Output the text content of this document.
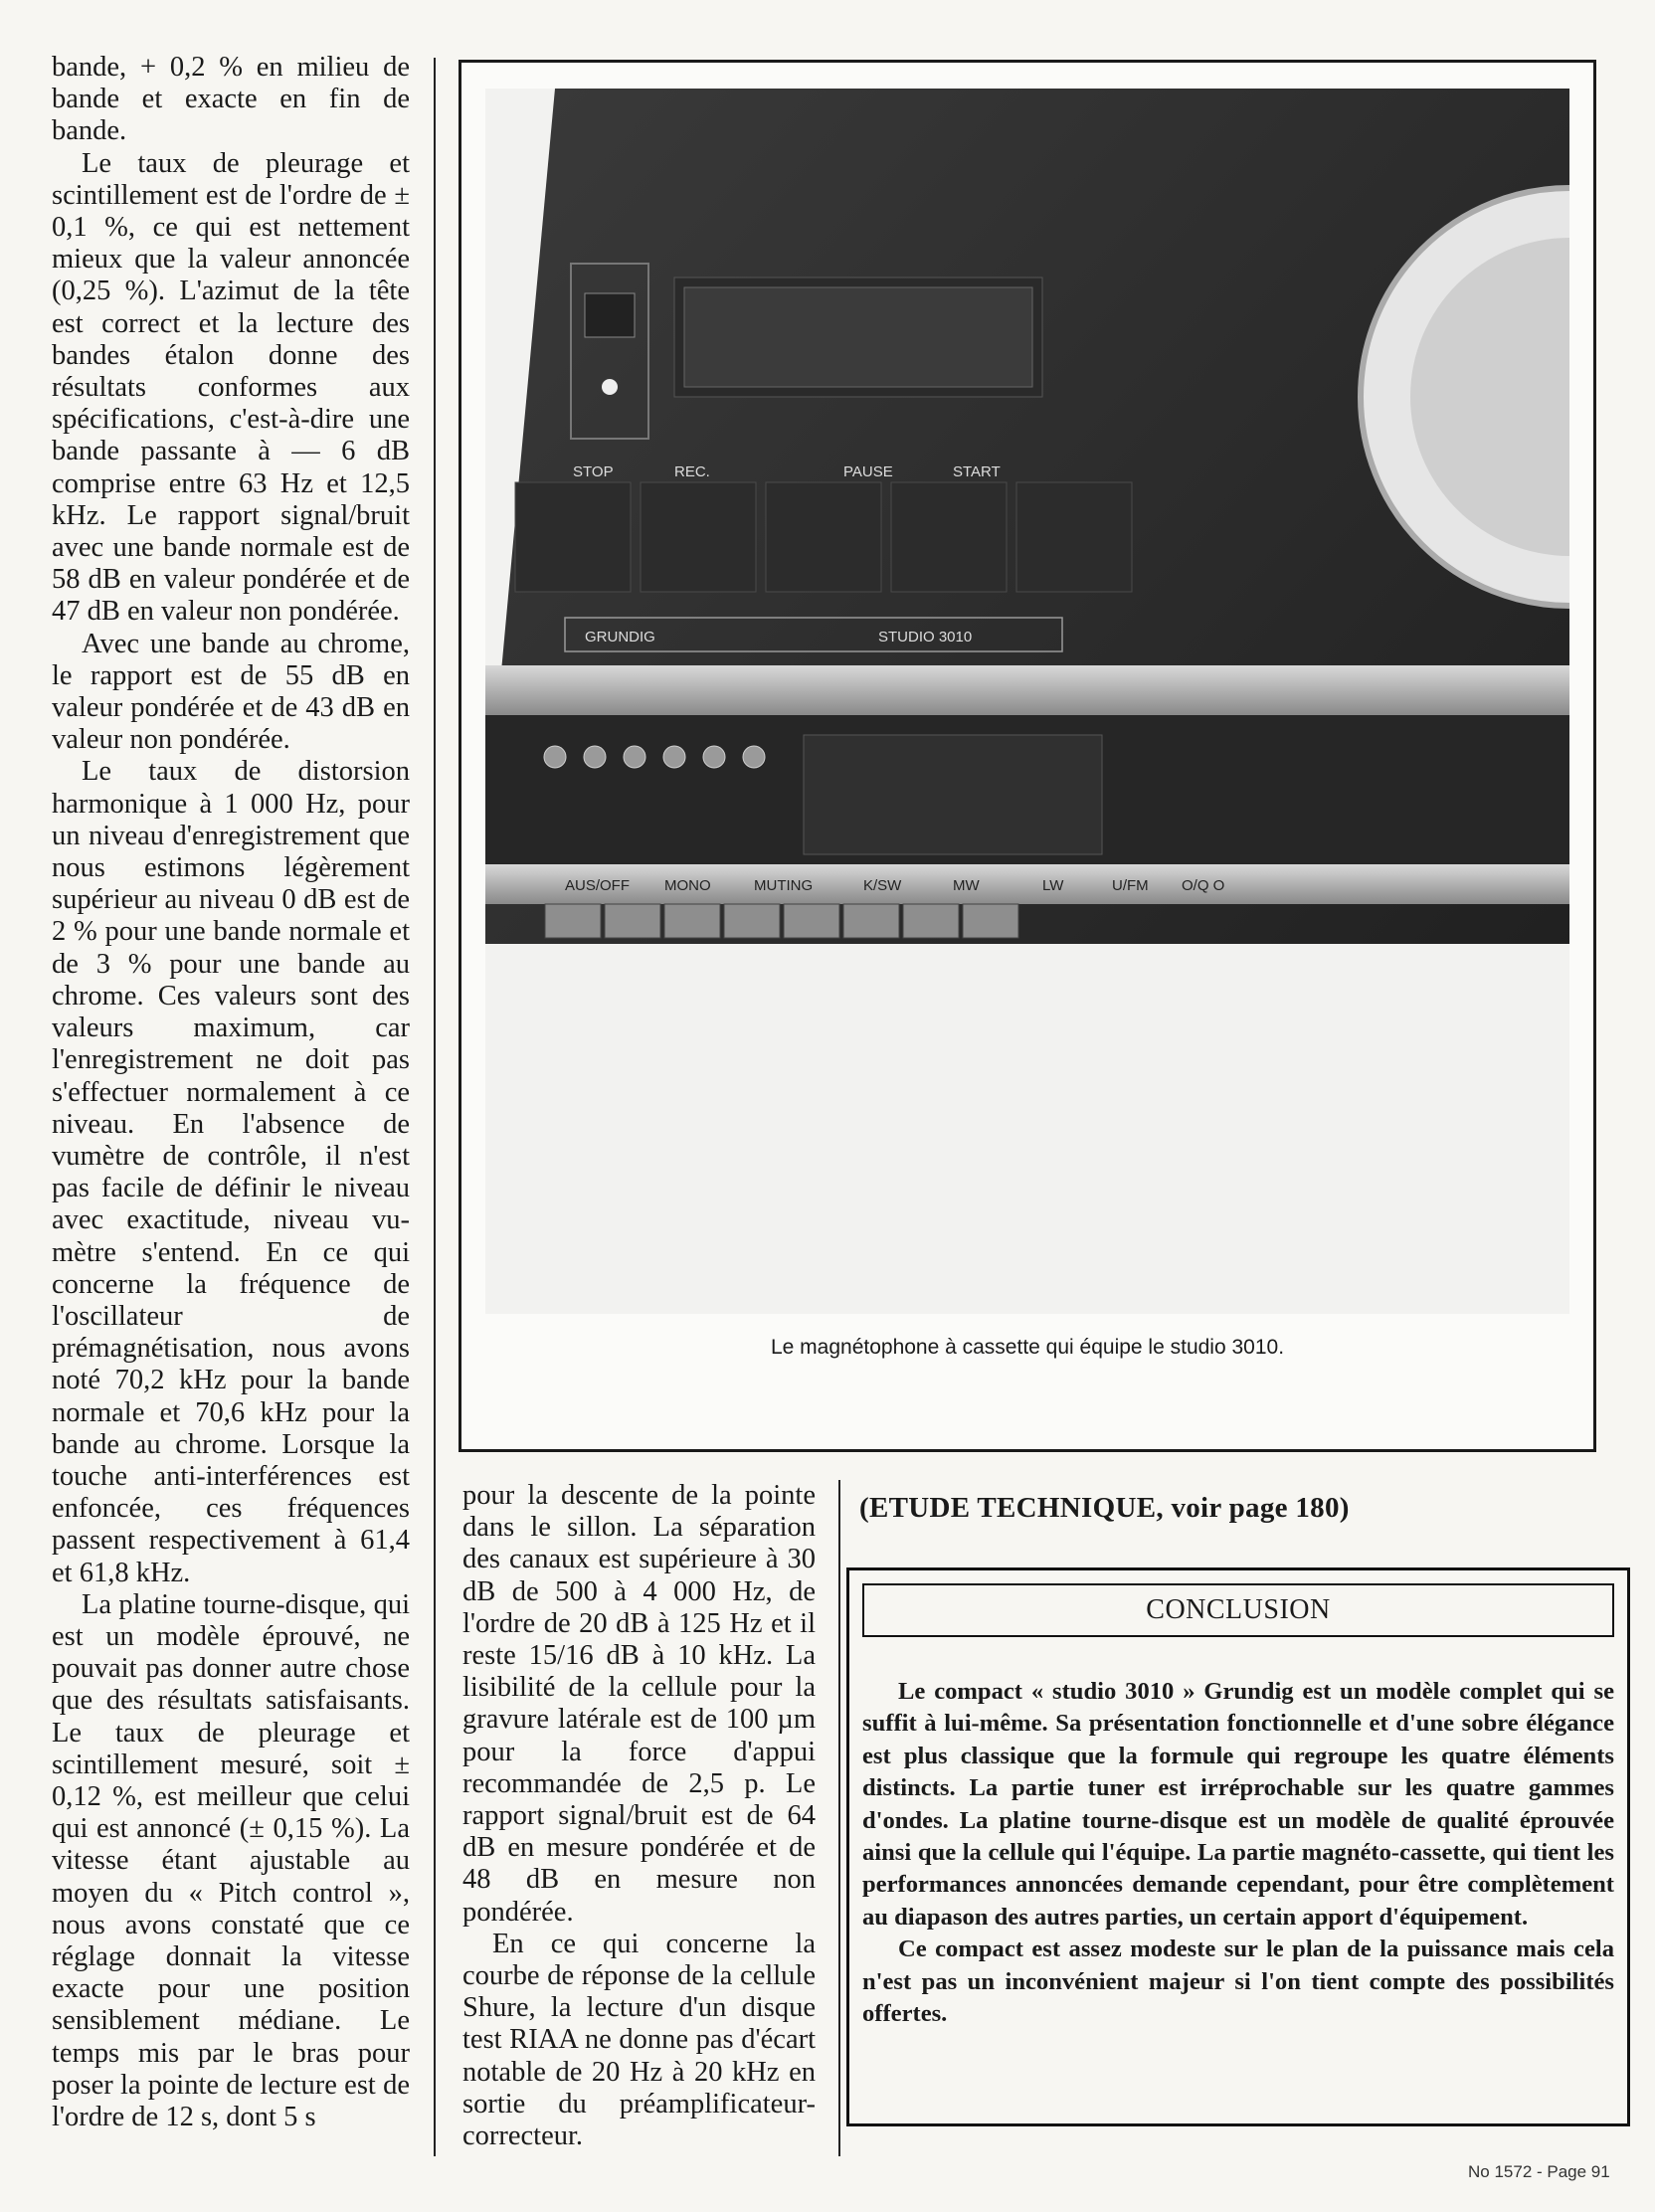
bande, + 0,2 % en milieu de bande et exacte en fin de bande.

Le taux de pleurage et scintillement est de l'ordre de ± 0,1 %, ce qui est nettement mieux que la valeur annoncée (0,25 %). L'azimut de la tête est correct et la lecture des bandes étalon donne des résultats conformes aux spécifications, c'est-à-dire une bande passante à — 6 dB comprise entre 63 Hz et 12,5 kHz. Le rapport signal/bruit avec une bande normale est de 58 dB en valeur pondérée et de 47 dB en valeur non pondérée.

Avec une bande au chrome, le rapport est de 55 dB en valeur pondérée et de 43 dB en valeur non pondérée.

Le taux de distorsion harmonique à 1 000 Hz, pour un niveau d'enregistrement que nous estimons légèrement supérieur au niveau 0 dB est de 2 % pour une bande normale et de 3 % pour une bande au chrome. Ces valeurs sont des valeurs maximum, car l'enregistrement ne doit pas s'effectuer normalement à ce niveau. En l'absence de vumètre de contrôle, il n'est pas facile de définir le niveau avec exactitude, niveau vu-mètre s'entend. En ce qui concerne la fréquence de l'oscillateur de prémagnétisation, nous avons noté 70,2 kHz pour la bande normale et 70,6 kHz pour la bande au chrome. Lorsque la touche anti-interférences est enfoncée, ces fréquences passent respectivement à 61,4 et 61,8 kHz.

La platine tourne-disque, qui est un modèle éprouvé, ne pouvait pas donner autre chose que des résultats satisfaisants. Le taux de pleurage et scintillement mesuré, soit ± 0,12 %, est meilleur que celui qui est annoncé (± 0,15 %). La vitesse étant ajustable au moyen du « Pitch control », nous avons constaté que ce réglage donnait la vitesse exacte pour une position sensiblement médiane. Le temps mis par le bras pour poser la pointe de lecture est de l'ordre de 12 s, dont 5 s

STOP	REC.	PAUSE	START
GRUNDIG	STUDIO 3010
AUS/OFF MONO	MUTING	K/SW	MW	LW	U/FM O/Q O
Le magnétophone à cassette qui équipe le studio 3010.

pour la descente de la pointe dans le sillon. La séparation des canaux est supérieure à 30 dB de 500 à 4 000 Hz, de l'ordre de 20 dB à 125 Hz et il reste 15/16 dB à 10 kHz. La lisibilité de la cellule pour la gravure latérale est de 100 µm pour la force d'appui recommandée de 2,5 p. Le rapport signal/bruit est de 64 dB en mesure pondérée et de 48 dB en mesure non pondérée.

En ce qui concerne la courbe de réponse de la cellule Shure, la lecture d'un disque test RIAA ne donne pas d'écart notable de 20 Hz à 20 kHz en sortie du préamplificateur-correcteur.

(ETUDE TECHNIQUE, voir page 180)
CONCLUSION

Le compact « studio 3010 » Grundig est un modèle complet qui se suffit à lui-même. Sa présentation fonctionnelle et d'une sobre élégance est plus classique que la formule qui regroupe les quatre éléments distincts. La partie tuner est irréprochable sur les quatre gammes d'ondes. La platine tourne-disque est un modèle de qualité éprouvée ainsi que la cellule qui l'équipe. La partie magnéto-cassette, qui tient les performances annoncées demande cependant, pour être complètement au diapason des autres parties, un certain apport d'équipement.

Ce compact est assez modeste sur le plan de la puissance mais cela n'est pas un inconvénient majeur si l'on tient compte des possibilités offertes.

No 1572 - Page 91
